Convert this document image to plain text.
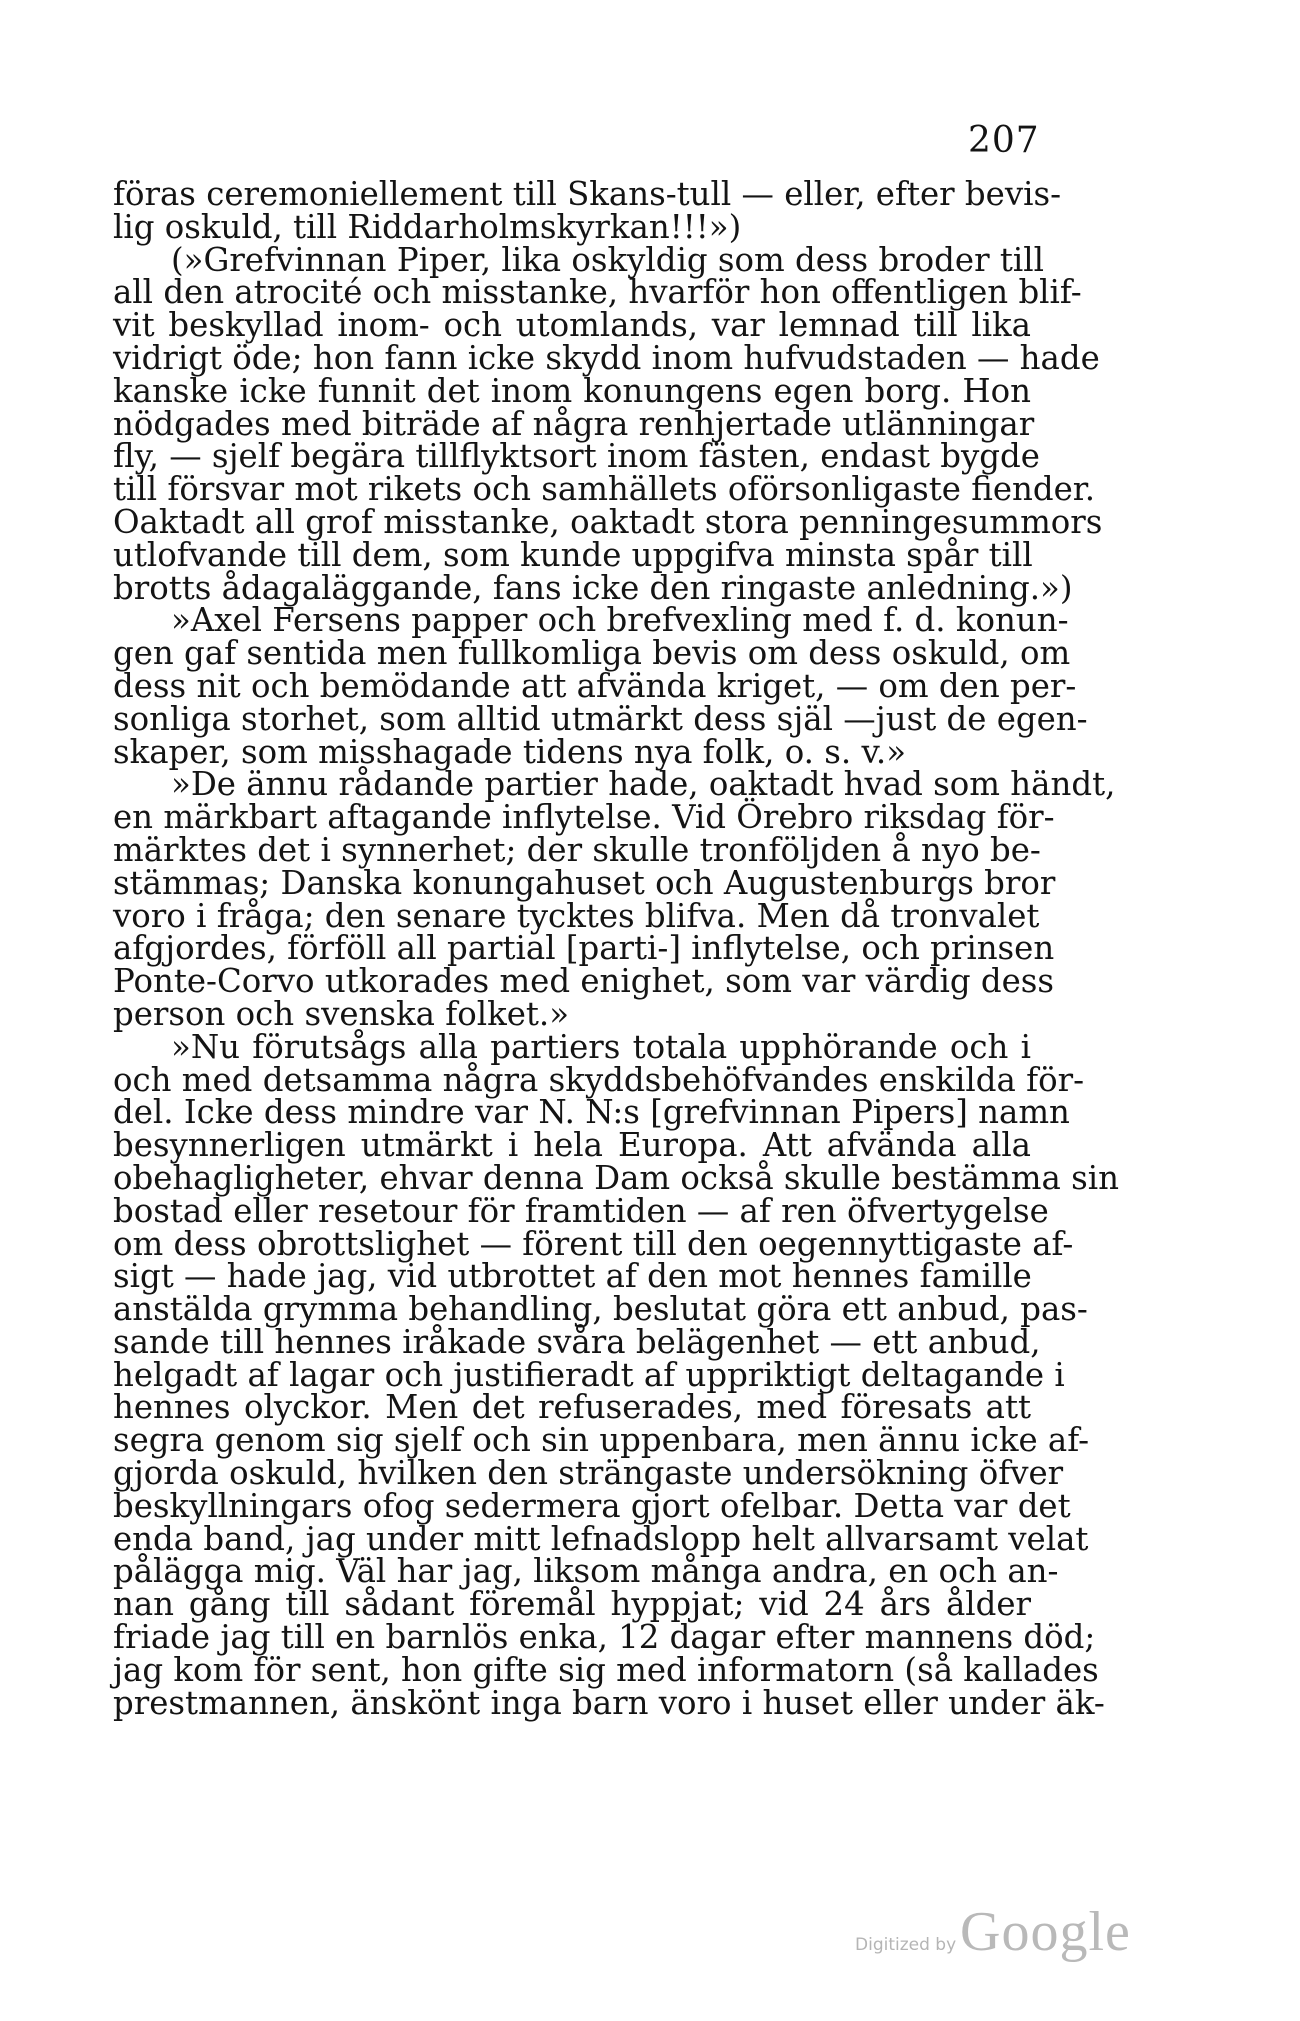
207
föras ceremoniellement till Skans-tull — eller, efter bevis-
lig oskuld, till Riddarholmskyrkan!!!»)
(»Grefvinnan Piper, lika oskyldig som dess broder till
all den atrocité och misstanke, hvarför hon offentligen blif-
vit beskyllad inom- och utomlands, var lemnad till lika
vidrigt öde; hon fann icke skydd inom hufvudstaden — hade
kanske icke funnit det inom konungens egen borg. Hon
nödgades med biträde af några renhjertade utlänningar
fly, — sjelf begära tillflyktsort inom fästen, endast bygde
till försvar mot rikets och samhällets oförsonligaste fiender.
Oaktadt all grof misstanke, oaktadt stora penningesummors
utlofvande till dem, som kunde uppgifva minsta spår till
brotts ådagaläggande, fans icke den ringaste anledning.»)
»Axel Fersens papper och brefvexling med f. d. konun-
gen gaf sentida men fullkomliga bevis om dess oskuld, om
dess nit och bemödande att afvända kriget, — om den per-
sonliga storhet, som alltid utmärkt dess själ —just de egen-
skaper, som misshagade tidens nya folk, o. s. v.»
»De ännu rådande partier hade, oaktadt hvad som händt,
en märkbart aftagande inflytelse. Vid Örebro riksdag för-
märktes det i synnerhet; der skulle tronföljden å nyo be-
stämmas; Danska konungahuset och Augustenburgs bror
voro i fråga; den senare tycktes blifva. Men då tronvalet
afgjordes, förföll all partial [parti-] inflytelse, och prinsen
Ponte-Corvo utkorades med enighet, som var värdig dess
person och svenska folket.»
»Nu förutsågs alla partiers totala upphörande och i
och med detsamma några skyddsbehöfvandes enskilda för-
del. Icke dess mindre var N. N:s [grefvinnan Pipers] namn
besynnerligen utmärkt i hela Europa. Att afvända alla
obehagligheter, ehvar denna Dam också skulle bestämma sin
bostad eller resetour för framtiden — af ren öfvertygelse
om dess obrottslighet — förent till den oegennyttigaste af-
sigt — hade jag, vid utbrottet af den mot hennes famille
anstälda grymma behandling, beslutat göra ett anbud, pas-
sande till hennes iråkade svåra belägenhet — ett anbud,
helgadt af lagar och justifieradt af uppriktigt deltagande i
hennes olyckor. Men det refuserades, med föresats att
segra genom sig sjelf och sin uppenbara, men ännu icke af-
gjorda oskuld, hvilken den strängaste undersökning öfver
beskyllningars ofog sedermera gjort ofelbar. Detta var det
enda band, jag under mitt lefnadslopp helt allvarsamt velat
pålägga mig. Väl har jag, liksom många andra, en och an-
nan gång till sådant föremål hyppjat; vid 24 års ålder
friade jag till en barnlös enka, 12 dagar efter mannens död;
jag kom för sent, hon gifte sig med informatorn (så kallades
prestmannen, änskönt inga barn voro i huset eller under äk-
Digitized by Google
